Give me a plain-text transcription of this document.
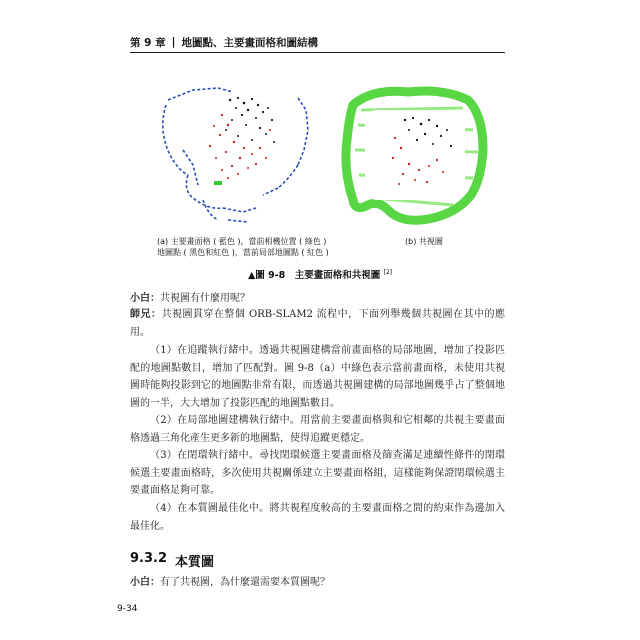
第 9 章 | 地圖點、主要畫面格和圖結構
(a) 主要畫面格 ( 藍色 )，當前相機位置 ( 綠色 )
地圖點 ( 黑色和紅色 )，當前局部地圖點 ( 紅色 )
(b) 共視圖
▲圖 9-8　主要畫面格和共視圖 [2]
小白：共視圖有什麼用呢？
師兄：共視圖貫穿在整個 ORB-SLAM2 流程中，下面列舉幾個共視圖在其中的應用。
（1）在追蹤執行緒中。透過共視圖建構當前畫面格的局部地圖，增加了投影匹配的地圖點數目，增加了匹配對。圖 9-8（a）中綠色表示當前畫面格，未使用共視圖時能夠投影到它的地圖點非常有限，而透過共視圖建構的局部地圖幾乎占了整個地圖的一半，大大增加了投影匹配的地圖點數目。
（2）在局部地圖建構執行緒中。用當前主要畫面格與和它相鄰的共視主要畫面格透過三角化產生更多新的地圖點，使得追蹤更穩定。
（3）在閉環執行緒中。尋找閉環候選主要畫面格及篩查滿足連續性條件的閉環候選主要畫面格時，多次使用共視關係建立主要畫面格組，這樣能夠保證閉環候選主要畫面格足夠可靠。
（4）在本質圖最佳化中。將共視程度較高的主要畫面格之間的約束作為邊加入最佳化。
9.3.2 本質圖
小白：有了共視圖，為什麼還需要本質圖呢？
9-34
